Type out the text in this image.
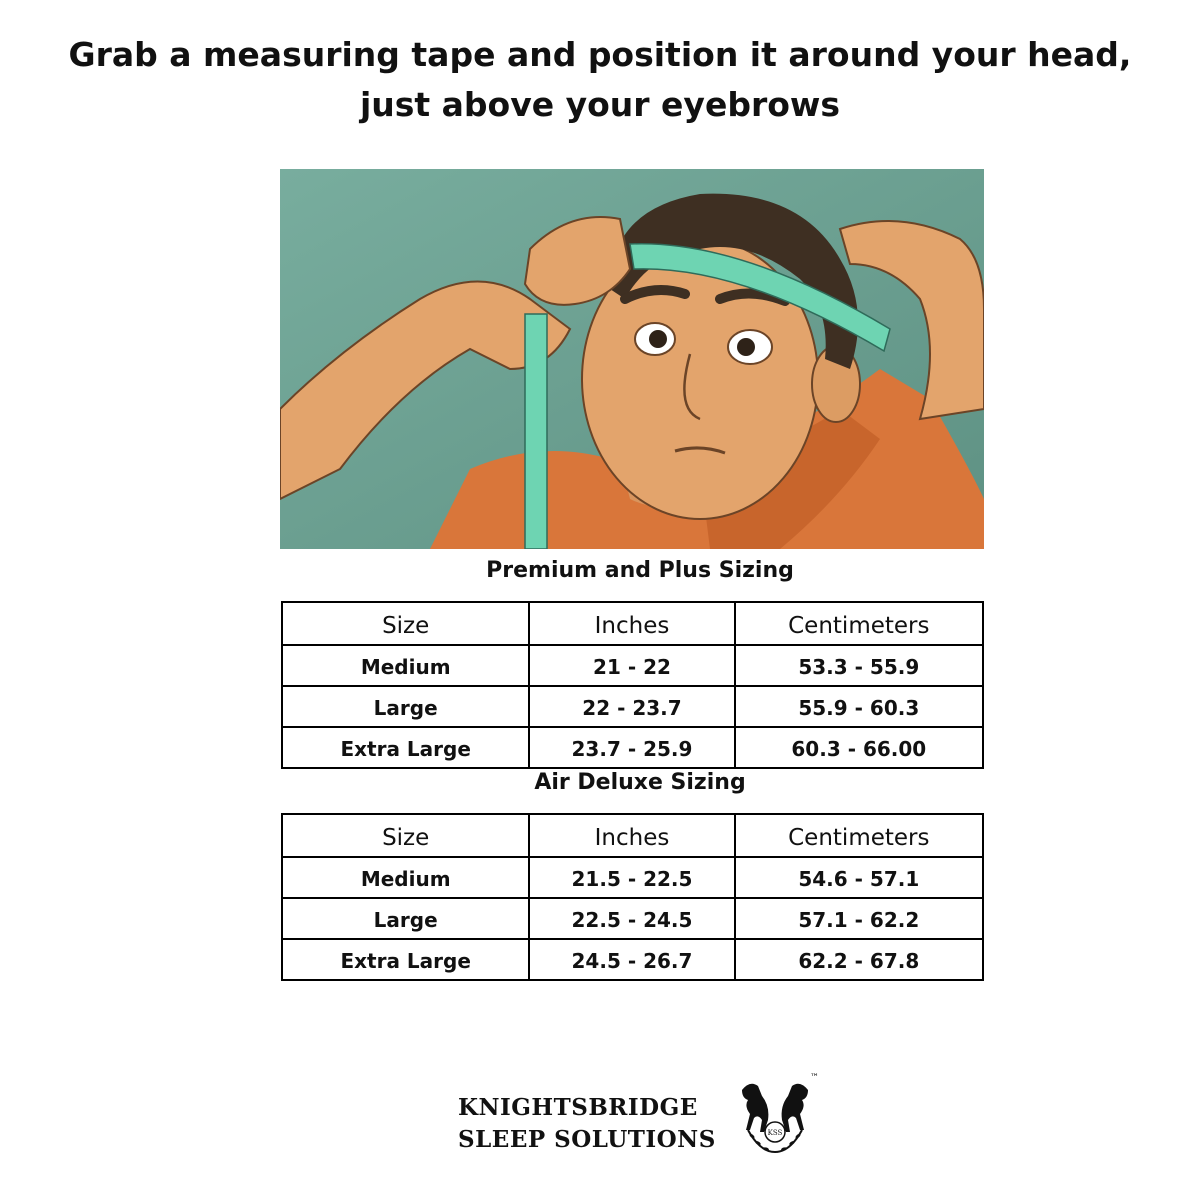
Grab a measuring tape and position it around your head, just above your eyebrows
Premium and Plus Sizing
Size	Inches	Centimeters
Medium	21 - 22	53.3 - 55.9
Large	22 - 23.7	55.9 - 60.3
Extra Large	23.7 - 25.9	60.3 - 66.00
Air Deluxe Sizing
Size	Inches	Centimeters
Medium	21.5 - 22.5	54.6 - 57.1
Large	22.5 - 24.5	57.1 - 62.2
Extra Large	24.5 - 26.7	62.2 - 67.8
KNIGHTSBRIDGE
SLEEP SOLUTIONS	KSS
™
